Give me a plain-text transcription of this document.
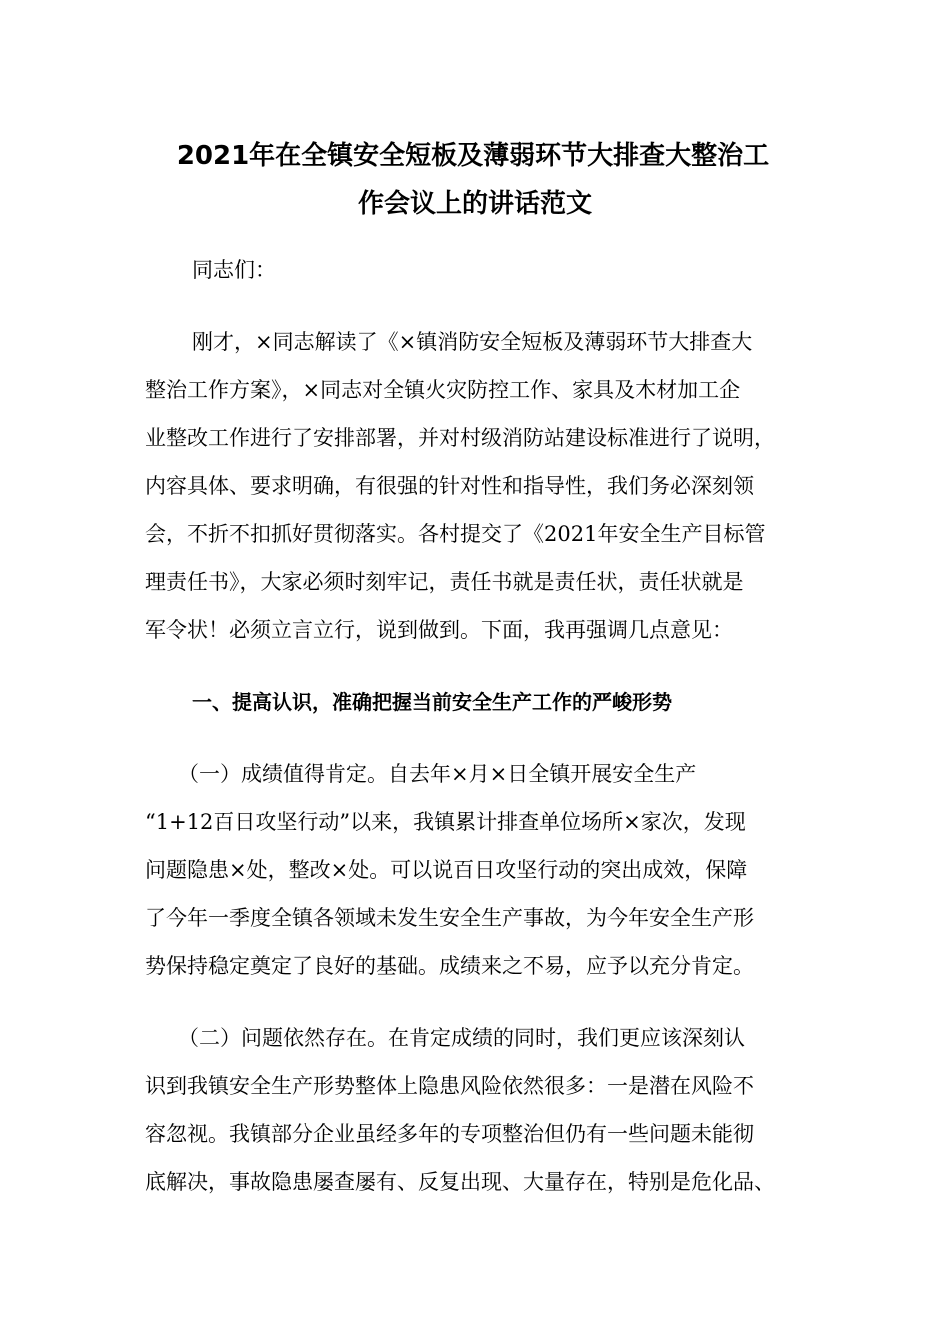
2021年在全镇安全短板及薄弱环节大排查大整治工
作会议上的讲话范文
同志们：
刚才，×同志解读了《×镇消防安全短板及薄弱环节大排查大
整治工作方案》，×同志对全镇火灾防控工作、家具及木材加工企
业整改工作进行了安排部署，并对村级消防站建设标准进行了说明，
内容具体、要求明确，有很强的针对性和指导性，我们务必深刻领
会，不折不扣抓好贯彻落实。各村提交了《2021年安全生产目标管
理责任书》，大家必须时刻牢记，责任书就是责任状，责任状就是
军令状！必须立言立行，说到做到。下面，我再强调几点意见：
一、提高认识，准确把握当前安全生产工作的严峻形势
（一）成绩值得肯定。自去年×月×日全镇开展安全生产
“1+12百日攻坚行动”以来，我镇累计排查单位场所×家次，发现
问题隐患×处，整改×处。可以说百日攻坚行动的突出成效，保障
了今年一季度全镇各领域未发生安全生产事故，为今年安全生产形
势保持稳定奠定了良好的基础。成绩来之不易，应予以充分肯定。
（二）问题依然存在。在肯定成绩的同时，我们更应该深刻认
识到我镇安全生产形势整体上隐患风险依然很多：一是潜在风险不
容忽视。我镇部分企业虽经多年的专项整治但仍有一些问题未能彻
底解决，事故隐患屡查屡有、反复出现、大量存在，特别是危化品、
